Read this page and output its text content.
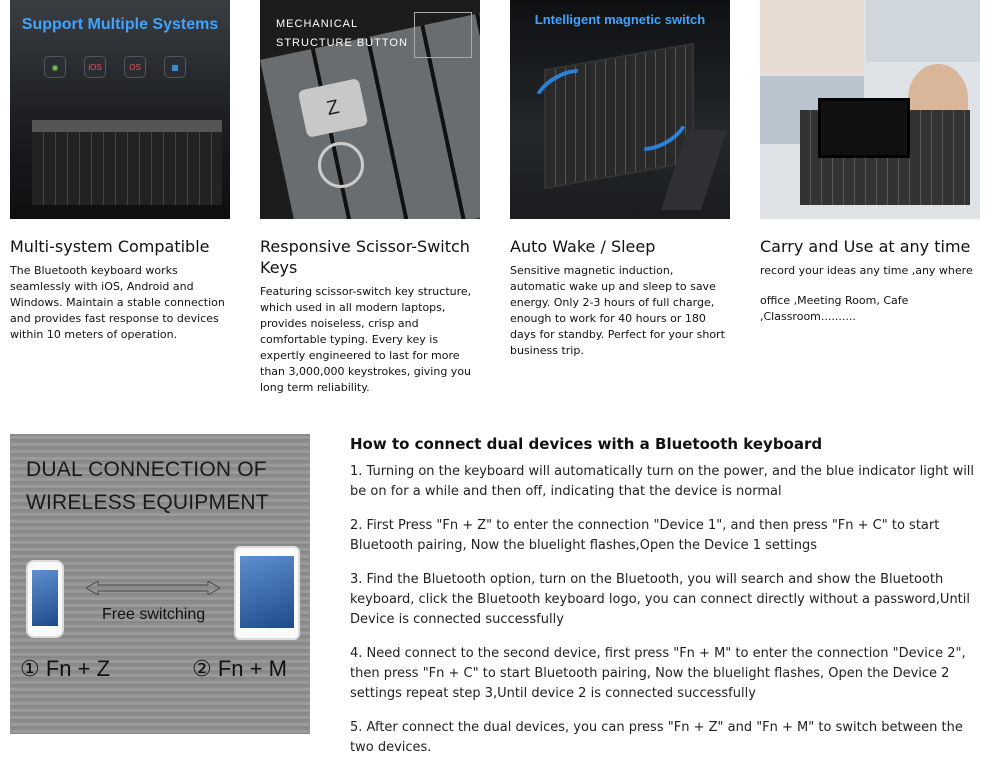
Support Multiple Systems
◉	iOS	OS	▦
Multi-system Compatible

The Bluetooth keyboard works seamlessly with iOS, Android and Windows. Maintain a stable connection and provides fast response to devices within 10 meters of operation.

MECHANICAL
STRUCTURE BUTTON
Z
Responsive Scissor-Switch Keys

Featuring scissor-switch key structure, which used in all modern laptops, provides noiseless, crisp and comfortable typing. Every key is expertly engineered to last for more than 3,000,000 keystrokes, giving you long term reliability.

Lntelligent magnetic switch
Auto Wake / Sleep

Sensitive magnetic induction, automatic wake up and sleep to save energy. Only 2-3 hours of full charge, enough to work for 40 hours or 180 days for standby. Perfect for your short business trip.

Carry and Use at any time

record your ideas any time ,any where

office ,Meeting Room, Cafe ,Classroom..........

DUAL CONNECTION OF
WIRELESS EQUIPMENT
Free switching
① Fn + Z	② Fn + M
How to connect dual devices with a Bluetooth keyboard
1. Turning on the keyboard will automatically turn on the power, and the blue indicator light will be on for a while and then off, indicating that the device is normal
2. First Press "Fn + Z" to enter the connection "Device 1", and then press "Fn + C" to start Bluetooth pairing, Now the bluelight flashes,Open the Device 1 settings
3. Find the Bluetooth option, turn on the Bluetooth, you will search and show the Bluetooth keyboard, click the Bluetooth keyboard logo, you can connect directly without a password,Until Device is connected successfully
4. Need connect to the second device, first press "Fn + M" to enter the connection "Device 2", then press "Fn + C" to start Bluetooth pairing, Now the bluelight flashes, Open the Device 2 settings repeat step 3,Until device 2 is connected successfully
5. After connect the dual devices, you can press "Fn + Z" and "Fn + M" to switch between the two devices.
